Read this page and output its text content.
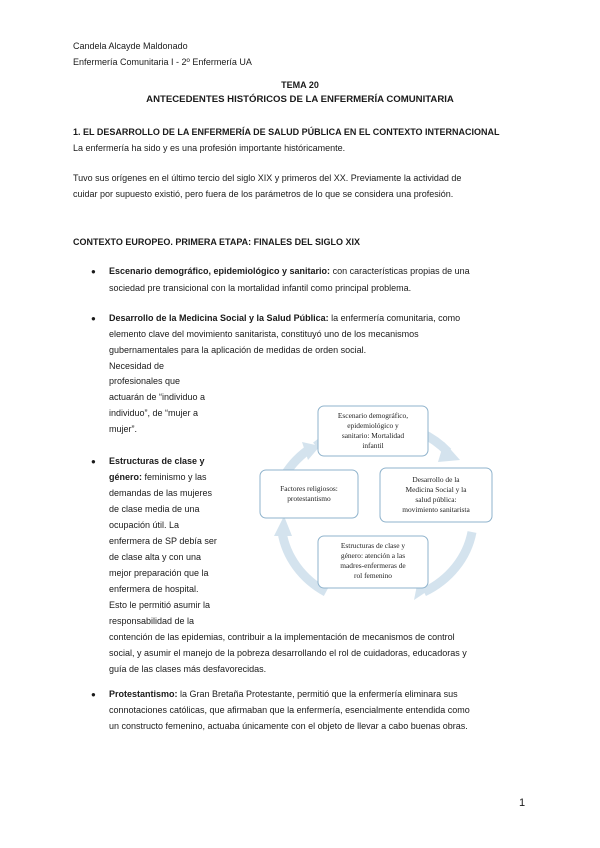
Candela Alcayde Maldonado
Enfermería Comunitaria I - 2º Enfermería UA
TEMA 20
ANTECEDENTES HISTÓRICOS DE LA ENFERMERÍA COMUNITARIA
1. EL DESARROLLO DE LA ENFERMERÍA DE SALUD PÚBLICA EN EL CONTEXTO INTERNACIONAL
La enfermería ha sido y es una profesión importante históricamente.
Tuvo sus orígenes en el último tercio del siglo XIX y primeros del XX. Previamente la actividad de
cuidar por supuesto existió, pero fuera de los parámetros de lo que se considera una profesión.
CONTEXTO EUROPEO. PRIMERA ETAPA: FINALES DEL SIGLO XIX
● Escenario demográfico, epidemiológico y sanitario: con características propias de una
sociedad pre transicional con la mortalidad infantil como principal problema.
● Desarrollo de la Medicina Social y la Salud Pública: la enfermería comunitaria, como
elemento clave del movimiento sanitarista, constituyó uno de los mecanismos
gubernamentales para la aplicación de medidas de orden social.
Necesidad de
profesionales que
actuarán de “individuo a
individuo”, de “mujer a
mujer”.
● Estructuras de clase y
género: feminismo y las
demandas de las mujeres
de clase media de una
ocupación útil. La
enfermera de SP debía ser
de clase alta y con una
mejor preparación que la
enfermera de hospital.
Esto le permitió asumir la
responsabilidad de la
contención de las epidemias, contribuir a la implementación de mecanismos de control
social, y asumir el manejo de la pobreza desarrollando el rol de cuidadoras, educadoras y
guía de las clases más desfavorecidas.
● Protestantismo: la Gran Bretaña Protestante, permitió que la enfermería eliminara sus
connotaciones católicas, que afirmaban que la enfermería, esencialmente entendida como
un constructo femenino, actuaba únicamente con el objeto de llevar a cabo buenas obras.
Escenario demográfico,
epidemiológico y
sanitario: Mortalidad
infantil
Desarrollo de la
Medicina Social y la
salud pública:
movimiento sanitarista
Estructuras de clase y
género: atención a las
madres-enfermeras de
rol femenino
Factores religiosos:
protestantismo
1
